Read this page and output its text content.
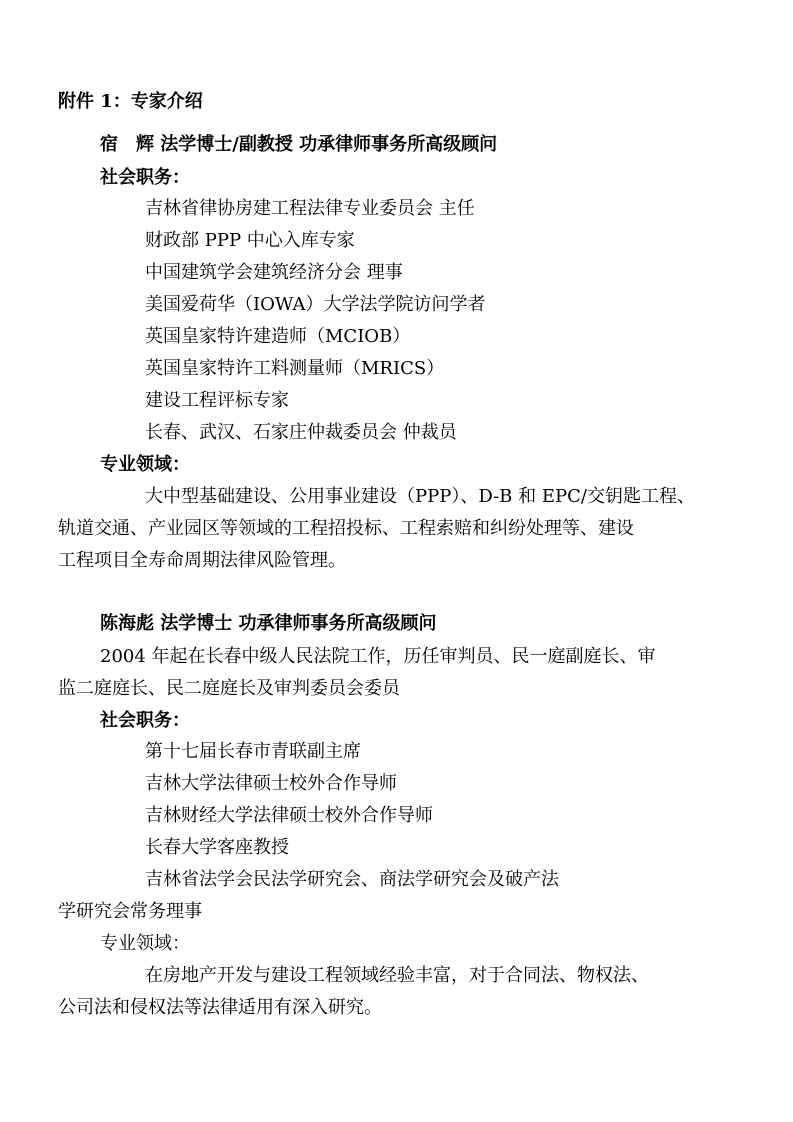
附件 1：专家介绍
宿　辉 法学博士/副教授 功承律师事务所高级顾问
社会职务：
吉林省律协房建工程法律专业委员会 主任
财政部 PPP 中心入库专家
中国建筑学会建筑经济分会 理事
美国爱荷华（IOWA）大学法学院访问学者
英国皇家特许建造师（MCIOB）
英国皇家特许工料测量师（MRICS）
建设工程评标专家
长春、武汉、石家庄仲裁委员会 仲裁员
专业领域：
大中型基础建设、公用事业建设（PPP）、D-B 和 EPC/交钥匙工程、
轨道交通、产业园区等领域的工程招投标、工程索赔和纠纷处理等、建设
工程项目全寿命周期法律风险管理。
陈海彪 法学博士 功承律师事务所高级顾问
2004 年起在长春中级人民法院工作，历任审判员、民一庭副庭长、审
监二庭庭长、民二庭庭长及审判委员会委员
社会职务：
第十七届长春市青联副主席
吉林大学法律硕士校外合作导师
吉林财经大学法律硕士校外合作导师
长春大学客座教授
吉林省法学会民法学研究会、商法学研究会及破产法
学研究会常务理事
专业领域：
在房地产开发与建设工程领域经验丰富，对于合同法、物权法、
公司法和侵权法等法律适用有深入研究。
